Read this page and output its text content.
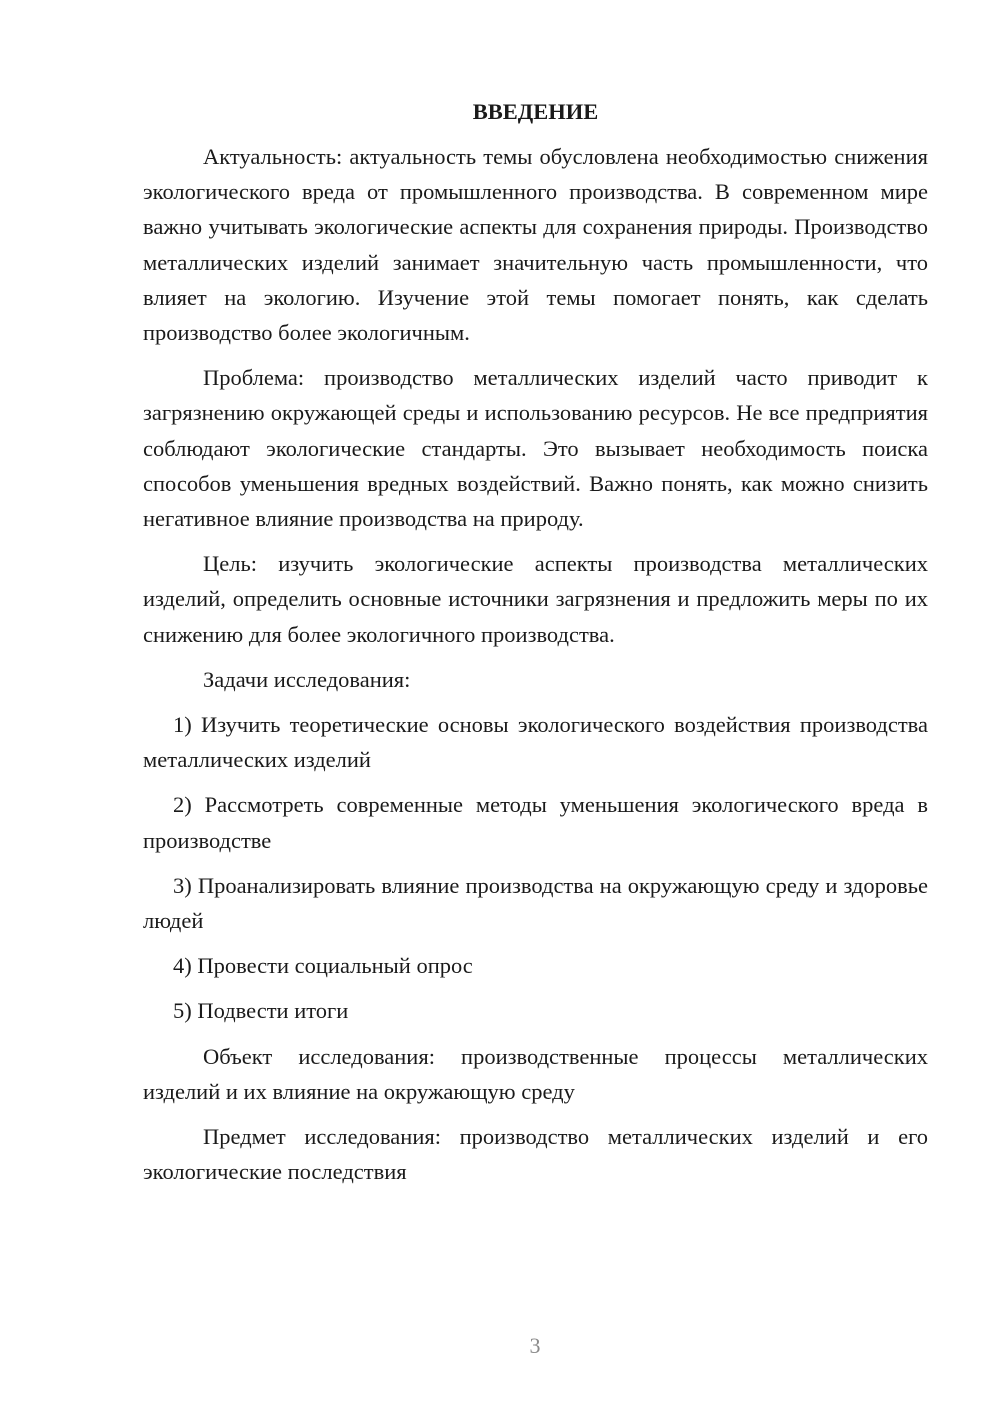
ВВЕДЕНИЕ

Актуальность: актуальность темы обусловлена необходимостью снижения экологического вреда от промышленного производства. В современном мире важно учитывать экологические аспекты для сохранения природы. Производство металлических изделий занимает значительную часть промышленности, что влияет на экологию. Изучение этой темы помогает понять, как сделать производство более экологичным.

Проблема: производство металлических изделий часто приводит к загрязнению окружающей среды и использованию ресурсов. Не все предприятия соблюдают экологические стандарты. Это вызывает необходимость поиска способов уменьшения вредных воздействий. Важно понять, как можно снизить негативное влияние производства на природу.

Цель: изучить экологические аспекты производства металлических изделий, определить основные источники загрязнения и предложить меры по их снижению для более экологичного производства.

Задачи исследования:

1) Изучить теоретические основы экологического воздействия производства металлических изделий

2) Рассмотреть современные методы уменьшения экологического вреда в производстве

3) Проанализировать влияние производства на окружающую среду и здоровье людей

4) Провести социальный опрос

5) Подвести итоги

Объект исследования: производственные процессы металлических изделий и их влияние на окружающую среду

Предмет исследования: производство металлических изделий и его экологические последствия

3
